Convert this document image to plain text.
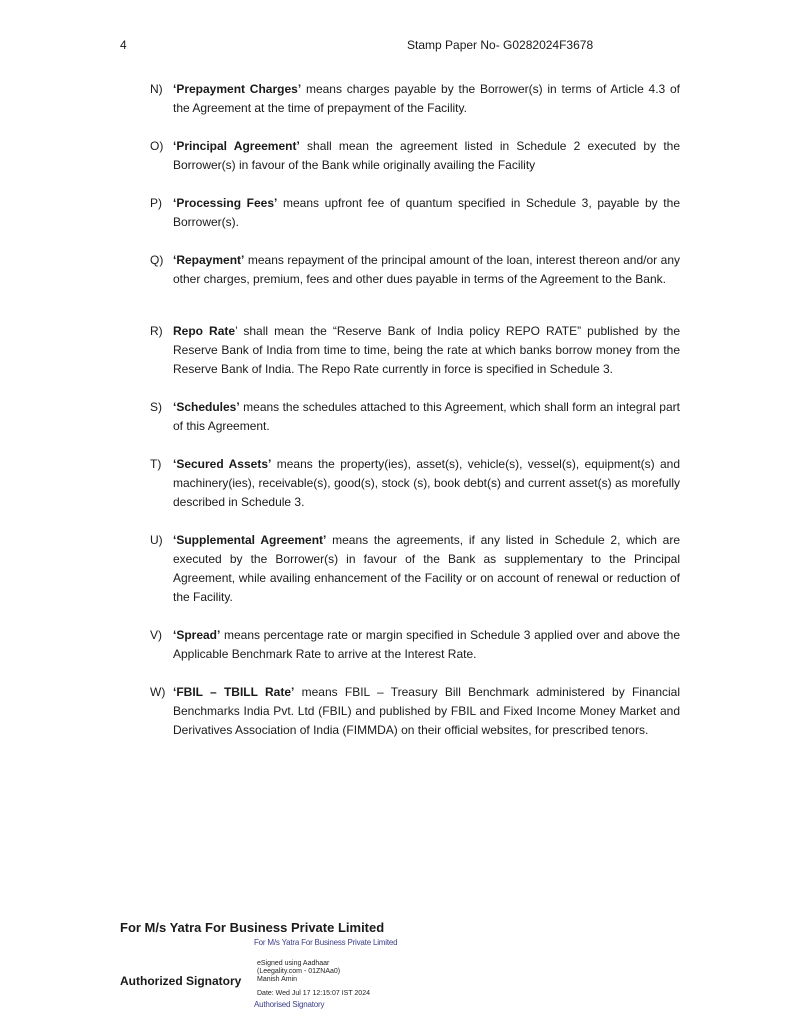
4	Stamp Paper No- G0282024F3678
N) ‘Prepayment Charges’ means charges payable by the Borrower(s) in terms of Article 4.3 of the Agreement at the time of prepayment of the Facility.
O) ‘Principal Agreement’ shall mean the agreement listed in Schedule 2 executed by the Borrower(s) in favour of the Bank while originally availing the Facility
P) ‘Processing Fees’ means upfront fee of quantum specified in Schedule 3, payable by the Borrower(s).
Q) ‘Repayment’ means repayment of the principal amount of the loan, interest thereon and/or any other charges, premium, fees and other dues payable in terms of the Agreement to the Bank.
R) Repo Rate’ shall mean the “Reserve Bank of India policy REPO RATE” published by the Reserve Bank of India from time to time, being the rate at which banks borrow money from the Reserve Bank of India. The Repo Rate currently in force is specified in Schedule 3.
S) ‘Schedules’ means the schedules attached to this Agreement, which shall form an integral part of this Agreement.
T) ‘Secured Assets’ means the property(ies), asset(s), vehicle(s), vessel(s), equipment(s) and machinery(ies), receivable(s), good(s), stock (s), book debt(s) and current asset(s) as morefully described in Schedule 3.
U) ‘Supplemental Agreement’ means the agreements, if any listed in Schedule 2, which are executed by the Borrower(s) in favour of the Bank as supplementary to the Principal Agreement, while availing enhancement of the Facility or on account of renewal or reduction of the Facility.
V) ‘Spread’ means percentage rate or margin specified in Schedule 3 applied over and above the Applicable Benchmark Rate to arrive at the Interest Rate.
W) ‘FBIL – TBILL Rate’ means FBIL – Treasury Bill Benchmark administered by Financial Benchmarks India Pvt. Ltd (FBIL) and published by FBIL and Fixed Income Money Market and Derivatives Association of India (FIMMDA) on their official websites, for prescribed tenors.
For M/s Yatra For Business Private Limited
For M/s Yatra For Business Private Limited
Authorized Signatory
eSigned using Aadhaar
(Leegality.com - 01ZNAa0)
Manish Amin
Date: Wed Jul 17 12:15:07 IST 2024
Authorised Signatory
